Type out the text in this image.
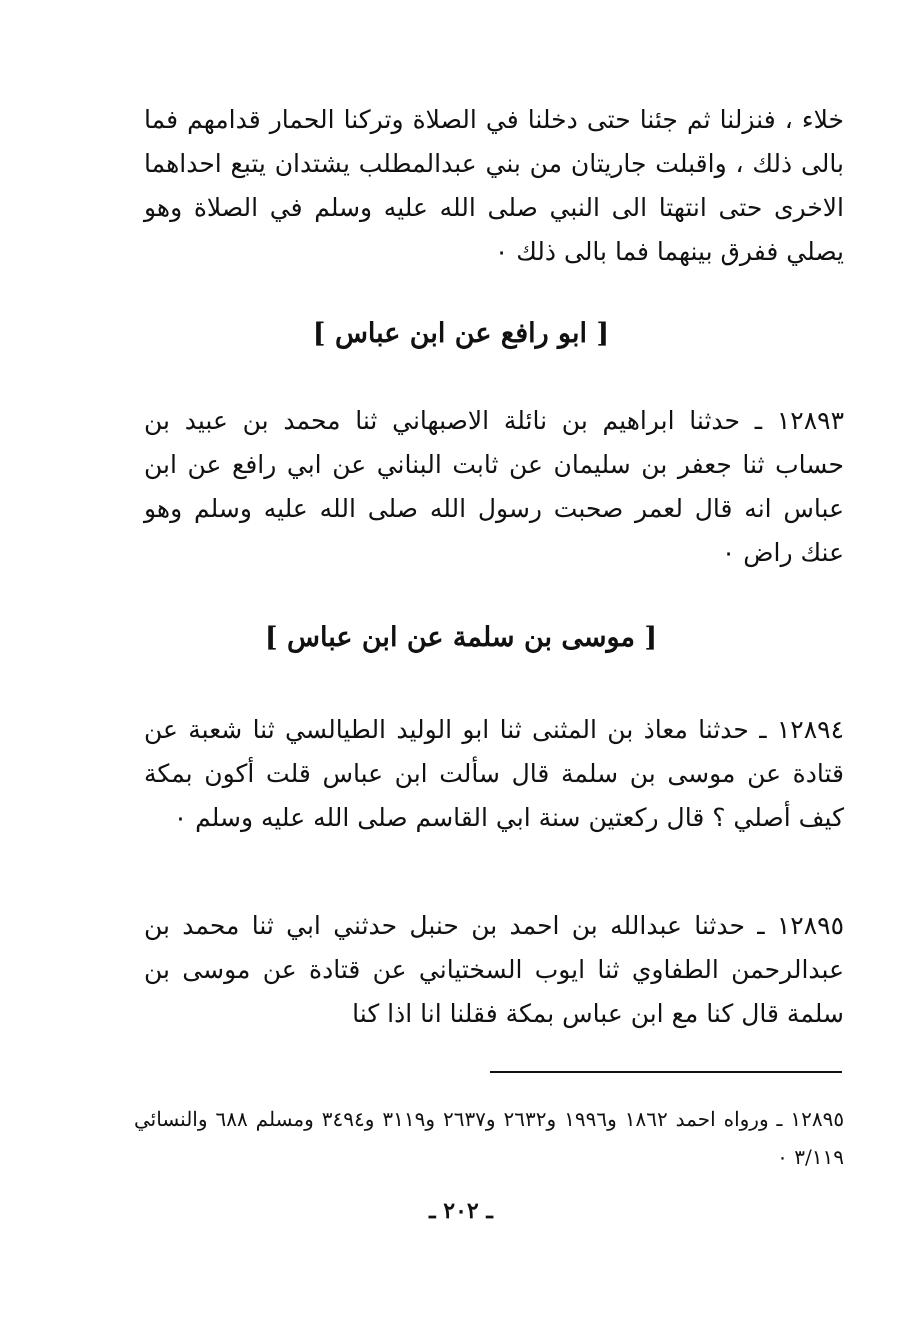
خلاء ، فنزلنا ثم جئنا حتى دخلنا في الصلاة وتركنا الحمار قدامهم فما بالى ذلك ، واقبلت جاريتان من بني عبدالمطلب يشتدان يتبع احداهما الاخرى حتى انتهتا الى النبي صلى الله عليه وسلم في الصلاة وهو يصلي ففرق بينهما فما بالى ذلك ٠

[ ابو رافع عن ابن عباس ]

١٢٨٩٣ ـ حدثنا ابراهيم بن نائلة الاصبهاني ثنا محمد بن عبيد بن حساب ثنا جعفر بن سليمان عن ثابت البناني عن ابي رافع عن ابن عباس انه قال لعمر صحبت رسول الله صلى الله عليه وسلم وهو عنك راض ٠

[ موسى بن سلمة عن ابن عباس ]

١٢٨٩٤ ـ حدثنا معاذ بن المثنى ثنا ابو الوليد الطيالسي ثنا شعبة عن قتادة عن موسى بن سلمة قال سألت ابن عباس قلت أكون بمكة كيف أصلي ؟ قال ركعتين سنة ابي القاسم صلى الله عليه وسلم ٠

١٢٨٩٥ ـ حدثنا عبدالله بن احمد بن حنبل حدثني ابي ثنا محمد بن عبدالرحمن الطفاوي ثنا ايوب السختياني عن قتادة عن موسى بن سلمة قال كنا مع ابن عباس بمكة فقلنا انا اذا كنا

١٢٨٩٥ ـ ورواه احمد ١٨٦٢ و١٩٩٦ و٢٦٣٢ و٢٦٣٧ و٣١١٩ و٣٤٩٤ ومسلم ٦٨٨ والنسائي ٣/١١٩ ٠

ـ ٢٠٢ ـ
